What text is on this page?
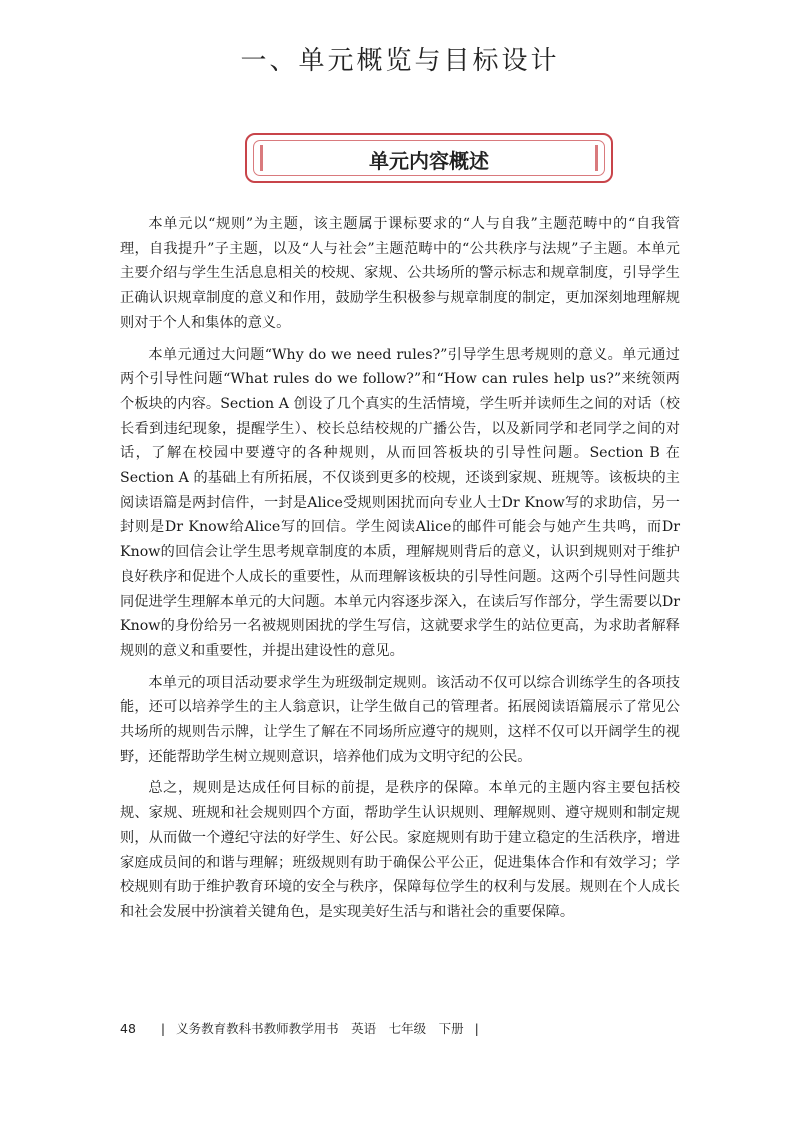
一、单元概览与目标设计
单元内容概述

本单元以“规则”为主题，该主题属于课标要求的“人与自我”主题范畴中的“自我管理，自我提升”子主题，以及“人与社会”主题范畴中的“公共秩序与法规”子主题。本单元主要介绍与学生生活息息相关的校规、家规、公共场所的警示标志和规章制度，引导学生正确认识规章制度的意义和作用，鼓励学生积极参与规章制度的制定，更加深刻地理解规则对于个人和集体的意义。

本单元通过大问题“Why do we need rules?”引导学生思考规则的意义。单元通过两个引导性问题“What rules do we follow?”和“How can rules help us?”来统领两个板块的内容。Section A 创设了几个真实的生活情境，学生听并读师生之间的对话（校长看到违纪现象，提醒学生）、校长总结校规的广播公告，以及新同学和老同学之间的对话，了解在校园中要遵守的各种规则，从而回答板块的引导性问题。Section B 在 Section A 的基础上有所拓展，不仅谈到更多的校规，还谈到家规、班规等。该板块的主阅读语篇是两封信件，一封是Alice受规则困扰而向专业人士Dr Know写的求助信，另一封则是Dr Know给Alice写的回信。学生阅读Alice的邮件可能会与她产生共鸣，而Dr Know的回信会让学生思考规章制度的本质，理解规则背后的意义，认识到规则对于维护良好秩序和促进个人成长的重要性，从而理解该板块的引导性问题。这两个引导性问题共同促进学生理解本单元的大问题。本单元内容逐步深入，在读后写作部分，学生需要以Dr Know的身份给另一名被规则困扰的学生写信，这就要求学生的站位更高，为求助者解释规则的意义和重要性，并提出建设性的意见。

本单元的项目活动要求学生为班级制定规则。该活动不仅可以综合训练学生的各项技能，还可以培养学生的主人翁意识，让学生做自己的管理者。拓展阅读语篇展示了常见公共场所的规则告示牌，让学生了解在不同场所应遵守的规则，这样不仅可以开阔学生的视野，还能帮助学生树立规则意识，培养他们成为文明守纪的公民。

总之，规则是达成任何目标的前提，是秩序的保障。本单元的主题内容主要包括校规、家规、班规和社会规则四个方面，帮助学生认识规则、理解规则、遵守规则和制定规则，从而做一个遵纪守法的好学生、好公民。家庭规则有助于建立稳定的生活秩序，增进家庭成员间的和谐与理解；班级规则有助于确保公平公正，促进集体合作和有效学习；学校规则有助于维护教育环境的安全与秩序，保障每位学生的权利与发展。规则在个人成长和社会发展中扮演着关键角色，是实现美好生活与和谐社会的重要保障。

48 | 义务教育教科书教师教学用书　英语　七年级　下册 |
